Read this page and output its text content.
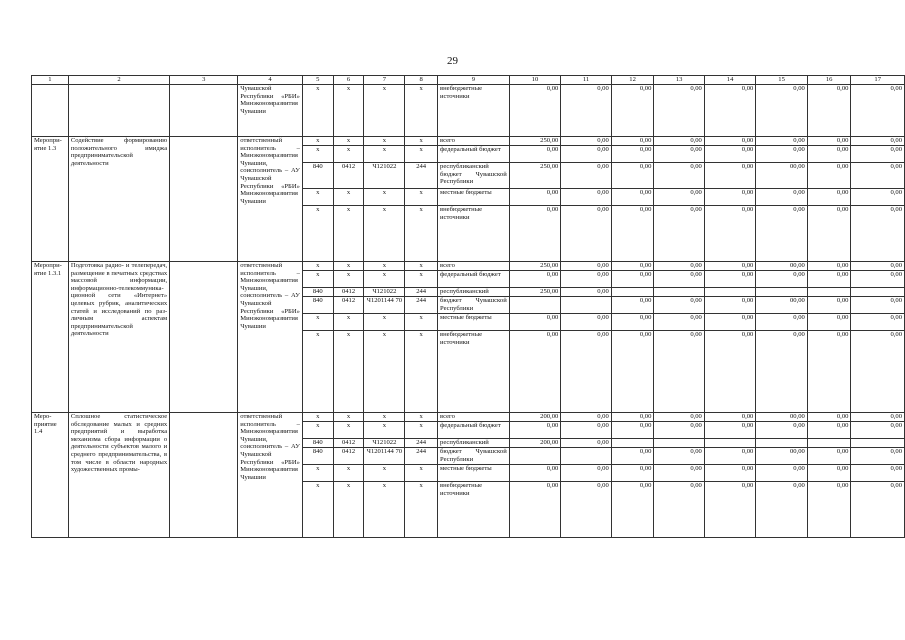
29
1	2	3	4	5	6	7	8	9	10	11	12	13	14	15	16	17
			Чувашской Республики «РБИ» Минэкономразвития Чувашии	x	x	x	x	внебюджетные источники	0,00	0,00	0,00	0,00	0,00	0,00	0,00	0,00
Мероприятие 1.3	Содействие формированию положительного имиджа предпринимательской деятельности		ответственный исполнитель – Минэкономразвития Чувашии, соисполнитель – АУ Чувашской Республики «РБИ» Минэкономразвития Чувашии	x	x	x	x	всего	250,00	0,00	0,00	0,00	0,00	0,00	0,00	0,00
				x	x	x	x	федеральный бюджет	0,00	0,00	0,00	0,00	0,00	0,00	0,00	0,00
				840	0412	Ч121022	244	республиканский бюджет Чувашской Республики	250,00	0,00	0,00	0,00	0,00	00,00	0,00	0,00
				x	x	x	x	местные бюджеты	0,00	0,00	0,00	0,00	0,00	0,00	0,00	0,00
				x	x	x	x	внебюджетные источники	0,00	0,00	0,00	0,00	0,00	0,00	0,00	0,00
Мероприятие 1.3.1	Подготовка радио- и телепередач, размещение в печатных средствах массовой информации, информационно-телекоммуникационной сети «Интернет» целевых рубрик, аналитических статей и исследований по различным аспектам предпринимательской деятельности		ответственный исполнитель – Минэкономразвития Чувашии, соисполнитель – АУ Чувашской Республики «РБИ» Минэкономразвития Чувашии	x	x	x	x	всего	250,00	0,00	0,00	0,00	0,00	00,00	0,00	0,00
				x	x	x	x	федеральный бюджет	0,00	0,00	0,00	0,00	0,00	0,00	0,00	0,00
				840	0412	Ч121022	244	республиканский	250,00	0,00						
				840	0412	Ч1201144 70	244	бюджет Чувашской Республики			0,00	0,00	0,00	00,00	0,00	0,00
				x	x	x	x	местные бюджеты	0,00	0,00	0,00	0,00	0,00	0,00	0,00	0,00
				x	x	x	x	внебюджетные источники	0,00	0,00	0,00	0,00	0,00	0,00	0,00	0,00
Мероприятие 1.4	Сплошное статистическое обследование малых и средних предприятий и выработка механизма сбора информации о деятельности субъектов малого и среднего предпринимательства, в том числе в области народных художественных промы-		ответственный исполнитель – Минэкономразвития Чувашии, соисполнитель – АУ Чувашской Республики «РБИ» Минэкономразвития Чувашии	x	x	x	x	всего	200,00	0,00	0,00	0,00	0,00	00,00	0,00	0,00
				x	x	x	x	федеральный бюджет	0,00	0,00	0,00	0,00	0,00	0,00	0,00	0,00
				840	0412	Ч121022	244	республиканский	200,00	0,00						
				840	0412	Ч1201144 70	244	бюджет Чувашской Республики			0,00	0,00	0,00	00,00	0,00	0,00
				x	x	x	x	местные бюджеты	0,00	0,00	0,00	0,00	0,00	0,00	0,00	0,00
				x	x	x	x	внебюджетные источники	0,00	0,00	0,00	0,00	0,00	0,00	0,00	0,00
